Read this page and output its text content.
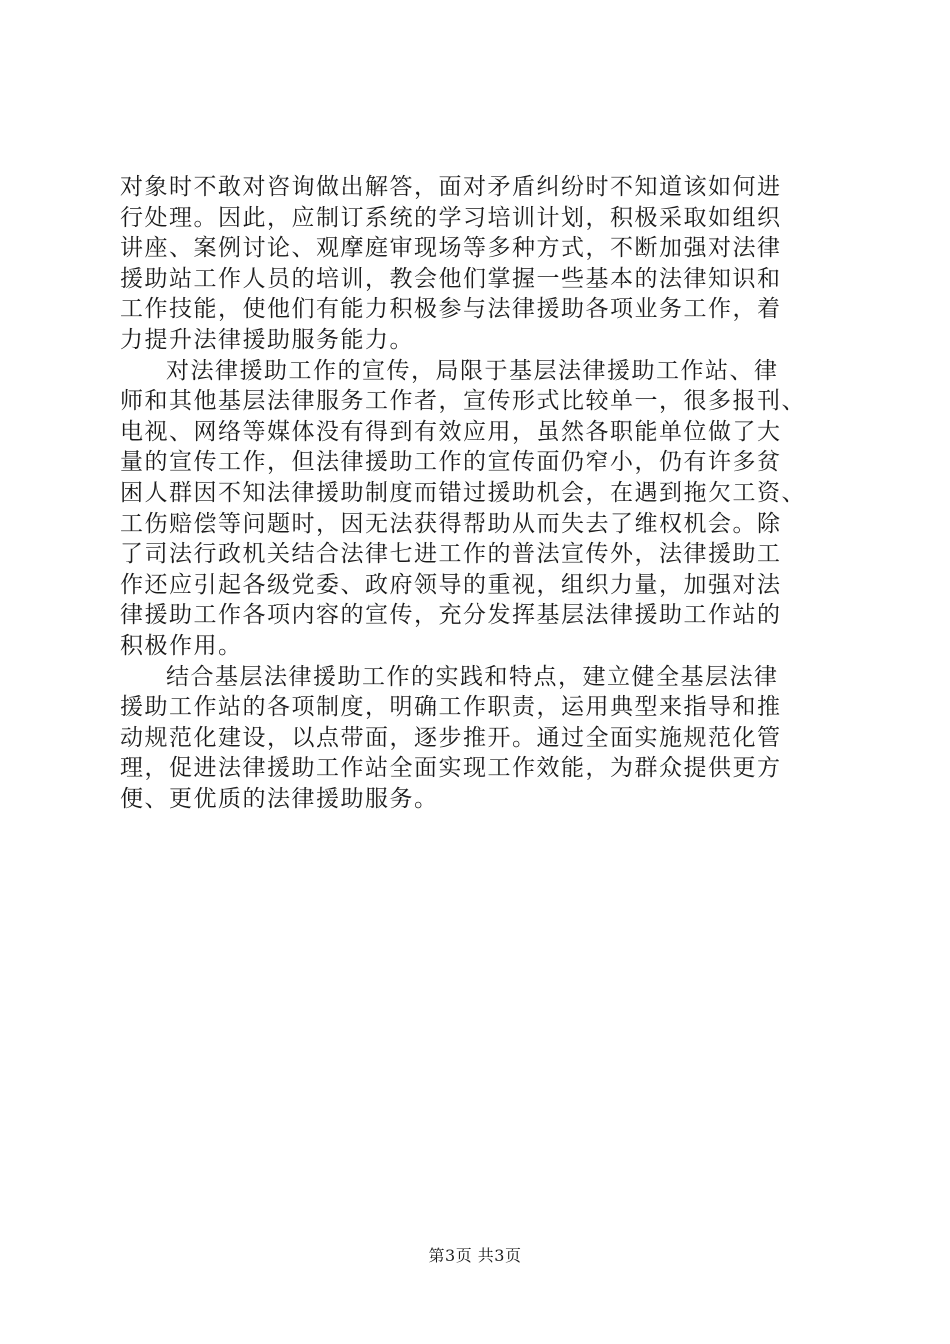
对象时不敢对咨询做出解答，面对矛盾纠纷时不知道该如何进
行处理。因此，应制订系统的学习培训计划，积极采取如组织
讲座、案例讨论、观摩庭审现场等多种方式，不断加强对法律
援助站工作人员的培训，教会他们掌握一些基本的法律知识和
工作技能，使他们有能力积极参与法律援助各项业务工作，着
力提升法律援助服务能力。
对法律援助工作的宣传，局限于基层法律援助工作站、律
师和其他基层法律服务工作者，宣传形式比较单一，很多报刊、
电视、网络等媒体没有得到有效应用，虽然各职能单位做了大
量的宣传工作，但法律援助工作的宣传面仍窄小，仍有许多贫
困人群因不知法律援助制度而错过援助机会，在遇到拖欠工资、
工伤赔偿等问题时，因无法获得帮助从而失去了维权机会。除
了司法行政机关结合法律七进工作的普法宣传外，法律援助工
作还应引起各级党委、政府领导的重视，组织力量，加强对法
律援助工作各项内容的宣传，充分发挥基层法律援助工作站的
积极作用。
结合基层法律援助工作的实践和特点，建立健全基层法律
援助工作站的各项制度，明确工作职责，运用典型来指导和推
动规范化建设，以点带面，逐步推开。通过全面实施规范化管
理，促进法律援助工作站全面实现工作效能，为群众提供更方
便、更优质的法律援助服务。
第3页 共3页
